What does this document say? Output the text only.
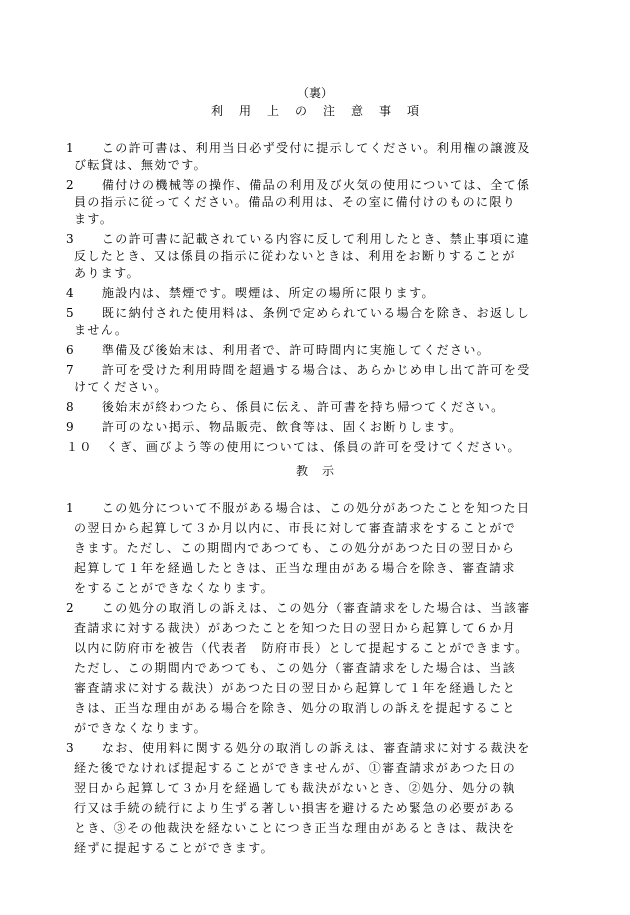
（裏）
利用上の注意事項
1　　この許可書は、利用当日必ず受付に提示してください。利用権の譲渡及
び転貸は、無効です。
2　　備付けの機械等の操作、備品の利用及び火気の使用については、全て係
員の指示に従ってください。備品の利用は、その室に備付けのものに限り
ます。
3　　この許可書に記載されている内容に反して利用したとき、禁止事項に違
反したとき、又は係員の指示に従わないときは、利用をお断りすることが
あります。
4　　施設内は、禁煙です。喫煙は、所定の場所に限ります。
5　　既に納付された使用料は、条例で定められている場合を除き、お返しし
ません。
6　　準備及び後始末は、利用者で、許可時間内に実施してください。
7　　許可を受けた利用時間を超過する場合は、あらかじめ申し出て許可を受
けてください。
8　　後始末が終わつたら、係員に伝え、許可書を持ち帰つてください。
9　　許可のない掲示、物品販売、飲食等は、固くお断りします。
１０　くぎ、画びよう等の使用については、係員の許可を受けてください。
教示
1　　この処分について不服がある場合は、この処分があつたことを知つた日
の翌日から起算して３か月以内に、市長に対して審査請求をすることがで
きます。ただし、この期間内であつても、この処分があつた日の翌日から
起算して１年を経過したときは、正当な理由がある場合を除き、審査請求
をすることができなくなります。
2　　この処分の取消しの訴えは、この処分（審査請求をした場合は、当該審
査請求に対する裁決）があつたことを知つた日の翌日から起算して６か月
以内に防府市を被告（代表者　防府市長）として提起することができます。
ただし、この期間内であつても、この処分（審査請求をした場合は、当該
審査請求に対する裁決）があつた日の翌日から起算して１年を経過したと
きは、正当な理由がある場合を除き、処分の取消しの訴えを提起すること
ができなくなります。
3　　なお、使用料に関する処分の取消しの訴えは、審査請求に対する裁決を
経た後でなければ提起することができませんが、①審査請求があつた日の
翌日から起算して３か月を経過しても裁決がないとき、②処分、処分の執
行又は手続の続行により生ずる著しい損害を避けるため緊急の必要がある
とき、③その他裁決を経ないことにつき正当な理由があるときは、裁決を
経ずに提起することができます。
